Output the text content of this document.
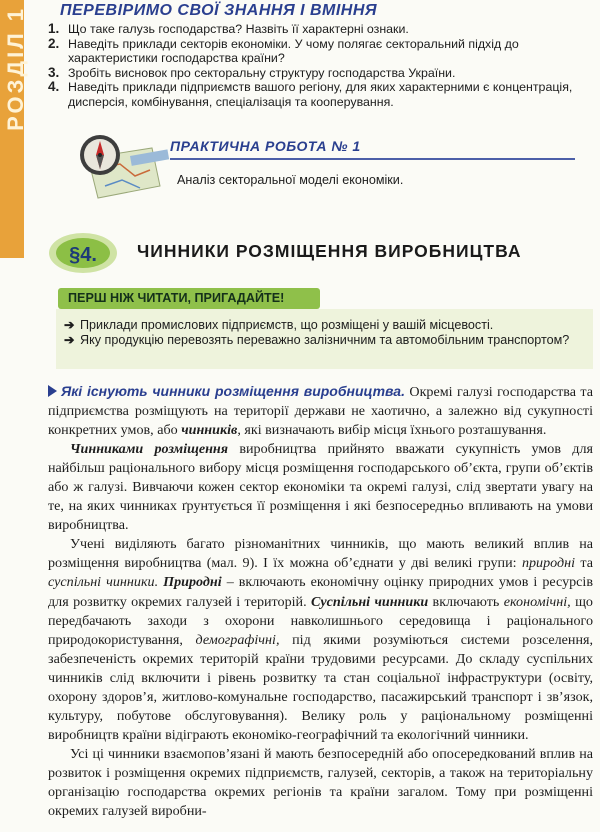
РОЗДІЛ 1 ПЕРЕВІРИМО СВОЇ ЗНАННЯ І ВМІННЯ
1. Що таке галузь господарства? Назвіть її характерні ознаки.
2. Наведіть приклади секторів економіки. У чому полягає секторальний підхід до характеристики господарства країни?
3. Зробіть висновок про секторальну структуру господарства України.
4. Наведіть приклади підприємств вашого регіону, для яких характерними є концентрація, дисперсія, комбінування, спеціалізація та кооперування.
ПРАКТИЧНА РОБОТА № 1
Аналіз секторальної моделі економіки.
§4. ЧИННИКИ РОЗМІЩЕННЯ ВИРОБНИЦТВА
ПЕРШ НІЖ ЧИТАТИ, ПРИГАДАЙТЕ!
➔ Приклади промислових підприємств, що розміщені у вашій місцевості.
➔ Яку продукцію перевозять переважно залізничним та автомобільним транспортом?

Які існують чинники розміщення виробництва. Окремі галузі господарства та підприємства розміщують на території держави не хаотично, а залежно від сукупності конкретних умов, або чинників, які визначають вибір місця їхнього розташування.

Чинниками розміщення виробництва прийнято вважати сукупність умов для найбільш раціонального вибору місця розміщення господарського об’єкта, групи об’єктів або ж галузі. Вивчаючи кожен сектор економіки та окремі галузі, слід звертати увагу на те, на яких чинниках ґрунтується її розміщення і які безпосередньо впливають на умови виробництва.

Учені виділяють багато різноманітних чинників, що мають великий вплив на розміщення виробництва (мал. 9). І їх можна об’єднати у дві великі групи: природні та суспільні чинники. Природні – включають економічну оцінку природних умов і ресурсів для розвитку окремих галузей і територій. Суспільні чинники включають економічні, що передбачають заходи з охорони навколишнього середовища і раціонального природокористування, демографічні, під якими розуміються системи розселення, забезпеченість окремих територій країни трудовими ресурсами. До складу суспільних чинників слід включити і рівень розвитку та стан соціальної інфраструктури (освіту, охорону здоров’я, житлово-комунальне господарство, пасажирський транспорт і зв’язок, культуру, побутове обслуговування). Велику роль у раціональному розміщенні виробництв країни відіграють економіко-географічний та екологічний чинники.

Усі ці чинники взаємопов’язані й мають безпосередній або опосередкований вплив на розвиток і розміщення окремих підприємств, галузей, секторів, а також на територіальну організацію господарства окремих регіонів та країни загалом. Тому при розміщенні окремих галузей виробни-
